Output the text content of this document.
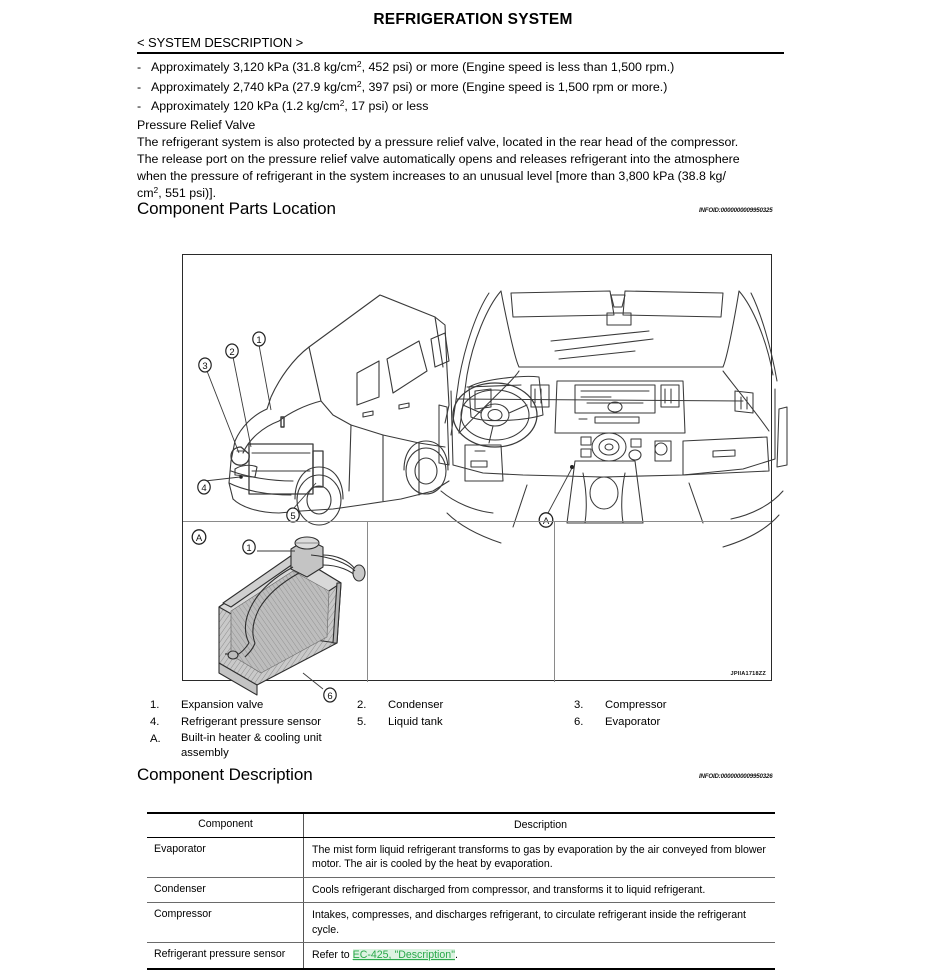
REFRIGERATION SYSTEM
< SYSTEM DESCRIPTION >
- Approximately 3,120 kPa (31.8 $kg/cm^2$, 452 psi) or more (Engine speed is less than 1,500 rpm.)
- Approximately 2,740 kPa (27.9 $kg/cm^2$, 397 psi) or more (Engine speed is 1,500 rpm or more.)
- Approximately 120 kPa (1.2 $kg/cm^2$, 17 psi) or less
Pressure Relief Valve
The refrigerant system is also protected by a pressure relief valve, located in the rear head of the compressor.
The release port on the pressure relief valve automatically opens and releases refrigerant into the atmosphere
when the pressure of refrigerant in the system increases to an unusual level [more than 3,800 kPa (38.8 kg/
$cm^2$, 551 psi)].
Component Parts Location	INFOID:0000000009950325
1
2
3
4
5	A
A
1
6
JPIIA1718ZZ
1.	Expansion valve	2.	Condenser	3.	Compressor
4.	Refrigerant pressure sensor	5.	Liquid tank	6.	Evaporator
A.	Built-in heater & cooling unit assembly
Component Description	INFOID:0000000009950326
Component	Description
Evaporator	The mist form liquid refrigerant transforms to gas by evaporation by the air conveyed from blower motor. The air is cooled by the heat by evaporation.
Condenser	Cools refrigerant discharged from compressor, and transforms it to liquid refrigerant.
Compressor	Intakes, compresses, and discharges refrigerant, to circulate refrigerant inside the refrigerant cycle.
Refrigerant pressure sensor	Refer to EC-425, "Description".
